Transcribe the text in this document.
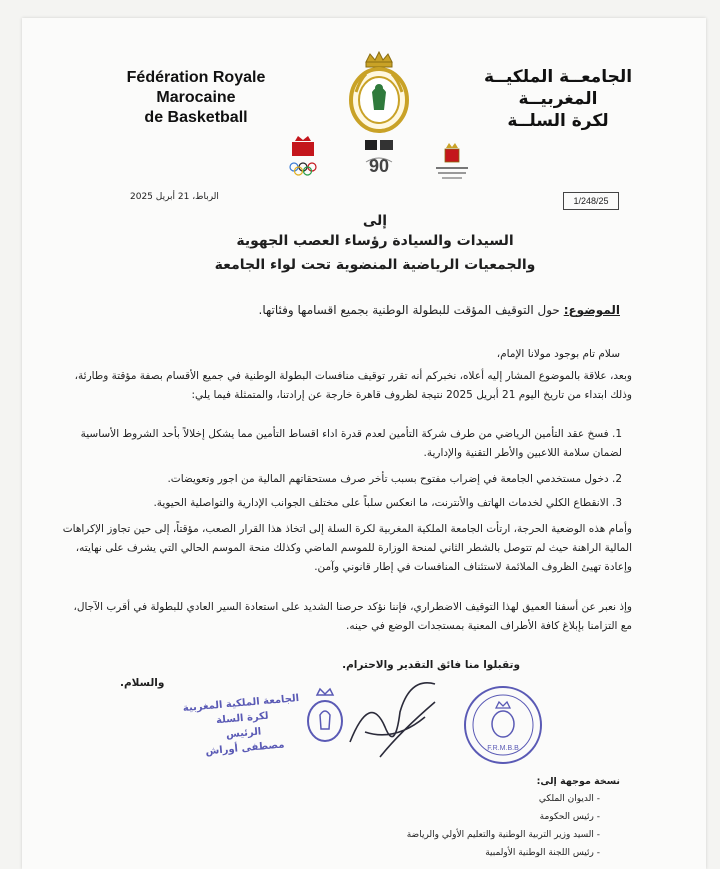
Fédération Royale Marocaine
de Basketball
الجامعــة الملكيــة المغربيــة
لكرة السلــة
90
1/248/25
الرباط، 21 أبريل 2025
إلى
السيدات والسيادة رؤساء العصب الجهوية
والجمعيات الرياضية المنضوية تحت لواء الجامعة
الموضوع: حول التوقيف المؤقت للبطولة الوطنية بجميع اقسامها وفئاتها.
سلام تام بوجود مولانا الإمام،
وبعد، علاقة بالموضوع المشار إليه أعلاه، نخبركم أنه تقرر توقيف منافسات البطولة الوطنية في جميع الأقسام بصفة مؤقتة وطارئة، وذلك ابتداء من تاريخ اليوم 21 أبريل 2025 نتيجة لظروف قاهرة خارجة عن إرادتنا، والمتمثلة فيما يلي:
1. فسخ عقد التأمين الرياضي من طرف شركة التأمين لعدم قدرة اداء اقساط التأمين مما يشكل إخلالاً بأحد الشروط الأساسية لضمان سلامة اللاعبين والأطر التقنية والإدارية.
2. دخول مستخدمي الجامعة في إضراب مفتوح بسبب تأخر صرف مستحقاتهم المالية من اجور وتعويضات.
3. الانقطاع الكلي لخدمات الهاتف والأنترنت، ما انعكس سلباً على مختلف الجوانب الإدارية والتواصلية الحيوية.
وأمام هذه الوضعية الحرجة، ارتأت الجامعة الملكية المغربية لكرة السلة إلى اتخاذ هذا القرار الصعب، مؤقتاً، إلى حين تجاوز الإكراهات المالية الراهنة حيث لم تتوصل بالشطر الثاني لمنحة الوزارة للموسم الماضي وكذلك منحة الموسم الحالي التي يشرف على نهايته، وإعادة تهيئ الظروف الملائمة لاستئناف المنافسات في إطار قانوني وآمن.
وإذ نعبر عن أسفنا العميق لهذا التوقيف الاضطراري، فإننا نؤكد حرصنا الشديد على استعادة السير العادي للبطولة في أقرب الآجال، مع التزامنا بإبلاغ كافة الأطراف المعنية بمستجدات الوضع في حينه.
وتقبلوا منا فائق التقدير والاحترام.
والسلام.
الجامعة الملكية المغربية
لكرة السلة
الرئيس
مصطفى أوراش	F.R.M.B.B
نسخة موجهة إلى:
- الديوان الملكي
- رئيس الحكومة
- السيد وزير التربية الوطنية والتعليم الأولي والرياضة
- رئيس اللجنة الوطنية الأولمبية
